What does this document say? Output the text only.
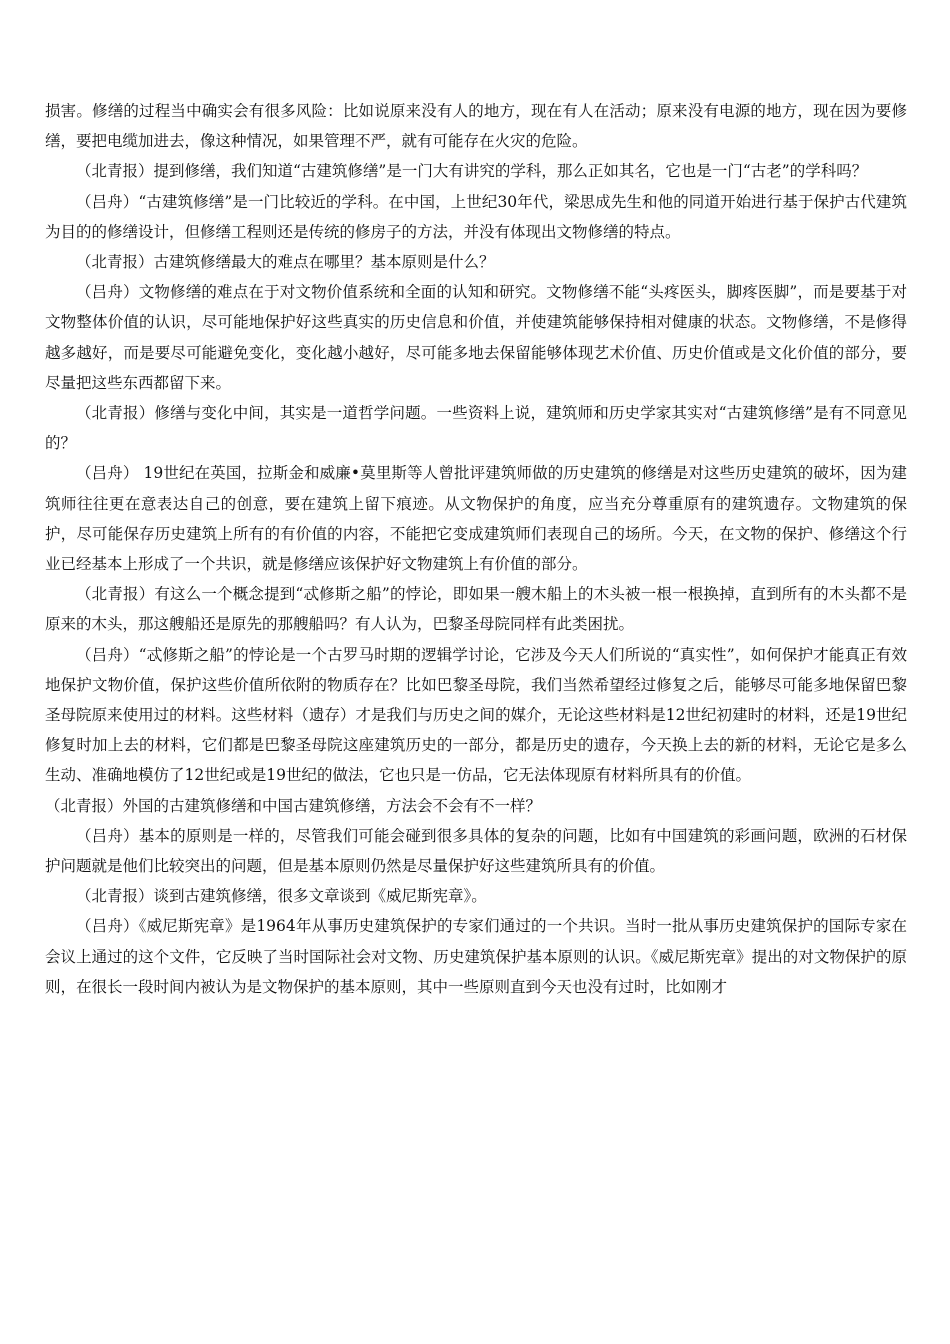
损害。修缮的过程当中确实会有很多风险：比如说原来没有人的地方，现在有人在活动；原来没有电源的地方，现在因为要修缮，要把电缆加进去，像这种情况，如果管理不严，就有可能存在火灾的危险。

（北青报）提到修缮，我们知道“古建筑修缮”是一门大有讲究的学科，那么正如其名，它也是一门“古老”的学科吗？

（吕舟）“古建筑修缮”是一门比较近的学科。在中国，上世纪30年代，梁思成先生和他的同道开始进行基于保护古代建筑为目的的修缮设计，但修缮工程则还是传统的修房子的方法，并没有体现出文物修缮的特点。

（北青报）古建筑修缮最大的难点在哪里？基本原则是什么？

（吕舟）文物修缮的难点在于对文物价值系统和全面的认知和研究。文物修缮不能“头疼医头，脚疼医脚”，而是要基于对文物整体价值的认识，尽可能地保护好这些真实的历史信息和价值，并使建筑能够保持相对健康的状态。文物修缮，不是修得越多越好，而是要尽可能避免变化，变化越小越好，尽可能多地去保留能够体现艺术价值、历史价值或是文化价值的部分，要尽量把这些东西都留下来。

（北青报）修缮与变化中间，其实是一道哲学问题。一些资料上说，建筑师和历史学家其实对“古建筑修缮”是有不同意见的？

（吕舟） 19世纪在英国，拉斯金和威廉•莫里斯等人曾批评建筑师做的历史建筑的修缮是对这些历史建筑的破坏，因为建筑师往往更在意表达自己的创意，要在建筑上留下痕迹。从文物保护的角度，应当充分尊重原有的建筑遗存。文物建筑的保护，尽可能保存历史建筑上所有的有价值的内容，不能把它变成建筑师们表现自己的场所。今天，在文物的保护、修缮这个行业已经基本上形成了一个共识，就是修缮应该保护好文物建筑上有价值的部分。

（北青报）有这么一个概念提到“忒修斯之船”的悖论，即如果一艘木船上的木头被一根一根换掉，直到所有的木头都不是原来的木头，那这艘船还是原先的那艘船吗？有人认为，巴黎圣母院同样有此类困扰。

（吕舟）“忒修斯之船”的悖论是一个古罗马时期的逻辑学讨论，它涉及今天人们所说的“真实性”，如何保护才能真正有效地保护文物价值，保护这些价值所依附的物质存在？比如巴黎圣母院，我们当然希望经过修复之后，能够尽可能多地保留巴黎圣母院原来使用过的材料。这些材料（遗存）才是我们与历史之间的媒介，无论这些材料是12世纪初建时的材料，还是19世纪修复时加上去的材料，它们都是巴黎圣母院这座建筑历史的一部分，都是历史的遗存，今天换上去的新的材料，无论它是多么生动、准确地模仿了12世纪或是19世纪的做法，它也只是一仿品，它无法体现原有材料所具有的价值。

（北青报）外国的古建筑修缮和中国古建筑修缮，方法会不会有不一样？

（吕舟）基本的原则是一样的，尽管我们可能会碰到很多具体的复杂的问题，比如有中国建筑的彩画问题，欧洲的石材保护问题就是他们比较突出的问题，但是基本原则仍然是尽量保护好这些建筑所具有的价值。

（北青报）谈到古建筑修缮，很多文章谈到《威尼斯宪章》。

（吕舟）《威尼斯宪章》是1964年从事历史建筑保护的专家们通过的一个共识。当时一批从事历史建筑保护的国际专家在会议上通过的这个文件，它反映了当时国际社会对文物、历史建筑保护基本原则的认识。《威尼斯宪章》提出的对文物保护的原则，在很长一段时间内被认为是文物保护的基本原则，其中一些原则直到今天也没有过时，比如刚才
